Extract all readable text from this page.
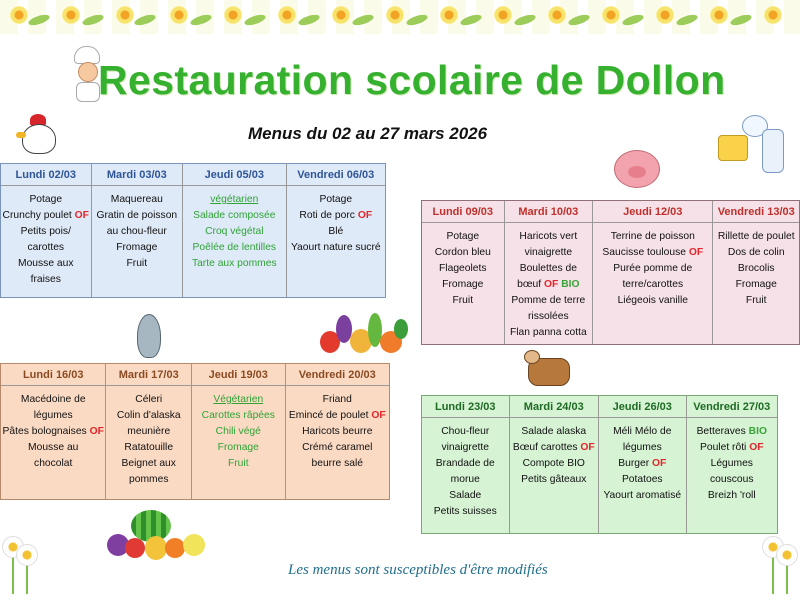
Restauration scolaire de Dollon
Menus du 02 au 27 mars 2026
Lundi 02/03
Potage
Crunchy poulet OF
Petits pois/
carottes
Mousse aux
fraises
Mardi 03/03
Maquereau
Gratin de poisson
au chou-fleur
Fromage
Fruit
Jeudi 05/03
végétarien
Salade composée
Croq végétal
Poêlée de lentilles
Tarte aux pommes
Vendredi 06/03
Potage
Roti de porc OF
Blé
Yaourt nature sucré
Lundi 09/03
Potage
Cordon bleu
Flageolets
Fromage
Fruit
Mardi 10/03
Haricots vert
vinaigrette
Boulettes de
bœuf OF BIO
Pomme de terre
rissolées
Flan panna cotta
Jeudi 12/03
Terrine de poisson
Saucisse toulouse OF
Purée pomme de
terre/carottes
Liégeois vanille
Vendredi 13/03
Rillette de poulet
Dos de colin
Brocolis
Fromage
Fruit
Lundi 16/03
Macédoine de
légumes
Pâtes bolognaises OF
Mousse au
chocolat
Mardi 17/03
Céleri
Colin d'alaska
meunière
Ratatouille
Beignet aux
pommes
Jeudi 19/03
Végétarien
Carottes râpées
Chili végé
Fromage
Fruit
Vendredi 20/03
Friand
Emincé de poulet OF
Haricots beurre
Crémé caramel
beurre salé
Lundi 23/03
Chou-fleur
vinaigrette
Brandade de
morue
Salade
Petits suisses
Mardi 24/03
Salade alaska
Bœuf carottes OF
Compote BIO
Petits gâteaux
Jeudi 26/03
Méli Mélo de
légumes
Burger OF
Potatoes
Yaourt aromatisé
Vendredi 27/03
Betteraves BIO
Poulet rôti OF
Légumes
couscous
Breizh 'roll
Les menus sont susceptibles d'être modifiés
